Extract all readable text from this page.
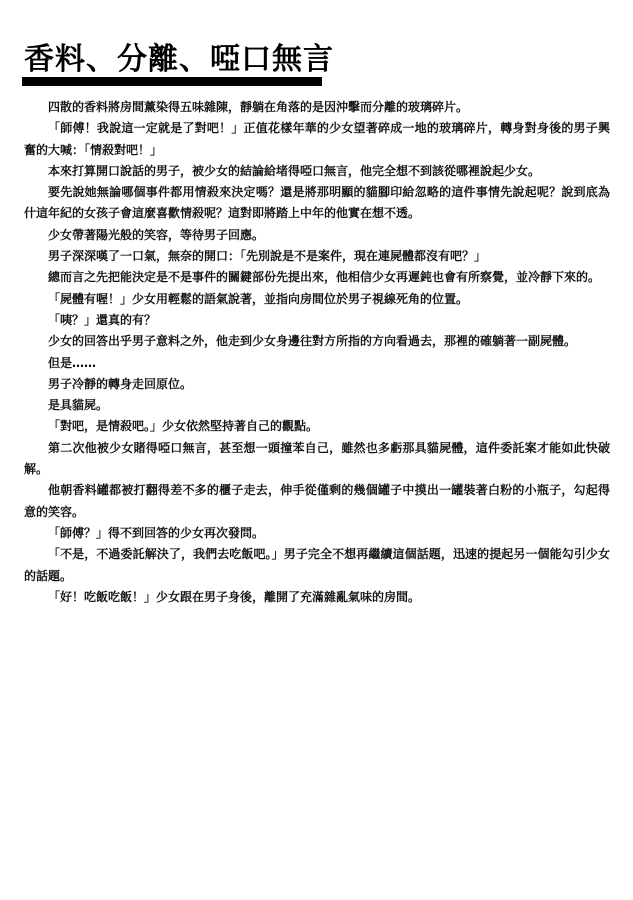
香料、分離、啞口無言

四散的香料將房間薰染得五味雜陳，靜躺在角落的是因沖擊而分離的玻璃碎片。

「師傅！我說這一定就是了對吧！」正值花樣年華的少女望著碎成一地的玻璃碎片，轉身對身後的男子興奮的大喊：「情殺對吧！」

本來打算開口說話的男子，被少女的結論給堵得啞口無言，他完全想不到該從哪裡說起少女。

要先說她無論哪個事件都用情殺來決定嗎？還是將那明顯的貓腳印給忽略的這件事情先說起呢？說到底為什這年紀的女孩子會這麼喜歡情殺呢？這對即將踏上中年的他實在想不透。

少女帶著陽光般的笑容，等待男子回應。

男子深深嘆了一口氣，無奈的開口：「先別說是不是案件，現在連屍體都沒有吧？」

總而言之先把能決定是不是事件的關鍵部份先提出來，他相信少女再遲鈍也會有所察覺，並冷靜下來的。

「屍體有喔！」少女用輕鬆的語氣說著，並指向房間位於男子視線死角的位置。

「咦？」還真的有？

少女的回答出乎男子意料之外，他走到少女身邊往對方所指的方向看過去，那裡的確躺著一副屍體。

但是……

男子冷靜的轉身走回原位。

是具貓屍。

「對吧，是情殺吧。」少女依然堅持著自己的觀點。

第二次他被少女賭得啞口無言，甚至想一頭撞苯自己，雖然也多虧那具貓屍體，這件委託案才能如此快破解。

他朝香料罐都被打翻得差不多的櫃子走去，伸手從僅剩的幾個罐子中摸出一罐裝著白粉的小瓶子，勾起得意的笑容。

「師傅？」得不到回答的少女再次發問。

「不是，不過委託解決了，我們去吃飯吧。」男子完全不想再繼續這個話題，迅速的提起另一個能勾引少女的話題。

「好！吃飯吃飯！」少女跟在男子身後，離開了充滿雜亂氣味的房間。
